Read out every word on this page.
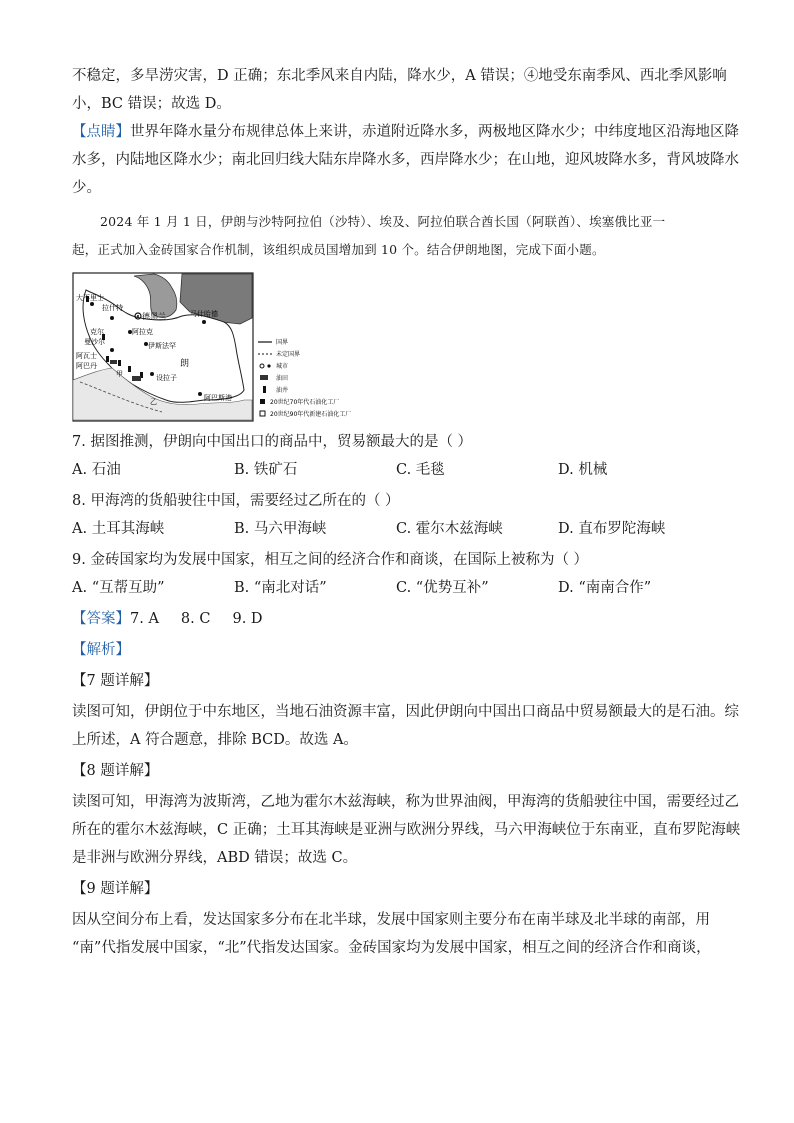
不稳定，多旱涝灾害，D 正确；东北季风来自内陆，降水少，A 错误；④地受东南季风、西北季风影响

小，BC 错误；故选 D。

【点睛】世界年降水量分布规律总体上来讲，赤道附近降水多，两极地区降水少；中纬度地区沿海地区降

水多，内陆地区降水少；南北回归线大陆东岸降水多，西岸降水少；在山地，迎风坡降水多，背风坡降水

少。

2024 年 1 月 1 日，伊朗与沙特阿拉伯（沙特）、埃及、阿拉伯联合酋长国（阿联酋）、埃塞俄比亚一

起，正式加入金砖国家合作机制，该组织成员国增加到 10 个。结合伊朗地图，完成下面小题。

大不里士
拉什特
德黑兰	马什哈德
克尔	阿拉克
曼沙尔	伊斯法罕
阿瓦士
阿巴丹	朗
甲	设拉子
乙	阿巴斯港
国界
未定国界
城市
油田
油井
20世纪70年代石油化工厂
20世纪90年代新建石油化工厂

7. 据图推测，伊朗向中国出口的商品中，贸易额最大的是（ ）

A. 石油	B. 铁矿石	C. 毛毯	D. 机械

8. 甲海湾的货船驶往中国，需要经过乙所在的（ ）

A. 土耳其海峡	B. 马六甲海峡	C. 霍尔木兹海峡	D. 直布罗陀海峡

9. 金砖国家均为发展中国家，相互之间的经济合作和商谈，在国际上被称为（ ）

A. “互帮互助”	B. “南北对话”	C. “优势互补”	D. “南南合作”

【答案】7. A 8. C 9. D

【解析】

【7 题详解】

读图可知，伊朗位于中东地区，当地石油资源丰富，因此伊朗向中国出口商品中贸易额最大的是石油。综

上所述，A 符合题意，排除 BCD。故选 A。

【8 题详解】

读图可知，甲海湾为波斯湾，乙地为霍尔木兹海峡，称为世界油阀，甲海湾的货船驶往中国，需要经过乙

所在的霍尔木兹海峡，C 正确；土耳其海峡是亚洲与欧洲分界线，马六甲海峡位于东南亚，直布罗陀海峡

是非洲与欧洲分界线，ABD 错误；故选 C。

【9 题详解】

因从空间分布上看，发达国家多分布在北半球，发展中国家则主要分布在南半球及北半球的南部，用

“南”代指发展中国家，“北”代指发达国家。金砖国家均为发展中国家，相互之间的经济合作和商谈，
